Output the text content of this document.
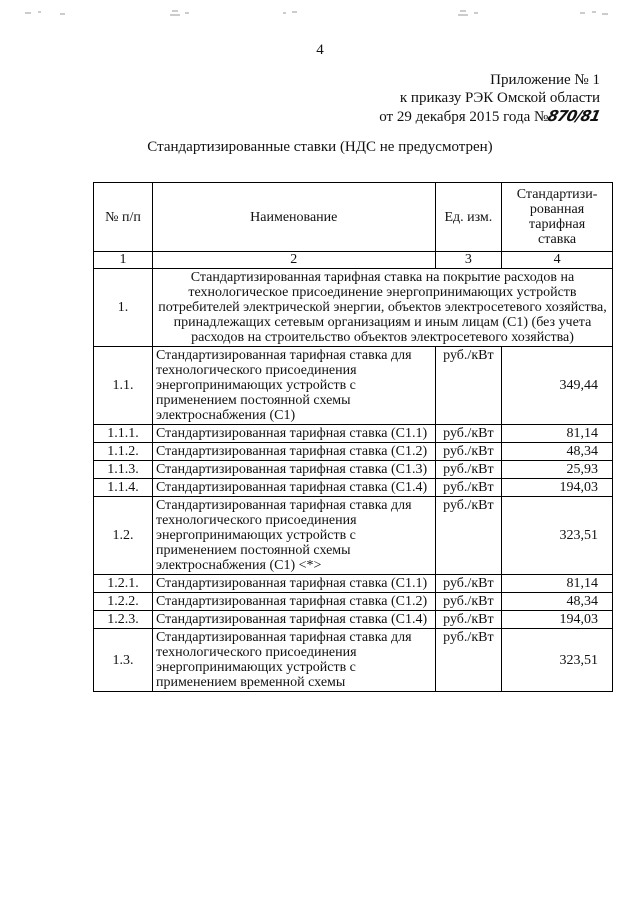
4
Приложение № 1
к приказу РЭК Омской области
от 29 декабря 2015 года №870/81
Стандартизированные ставки (НДС не предусмотрен)
№ п/п	Наименование	Ед. изм.	Стандартизи-
рованная
тарифная
ставка
1	2	3	4
1.	Стандартизированная тарифная ставка на покрытие расходов на технологическое присоединение энергопринимающих устройств потребителей электрической энергии, объектов электросетевого хозяйства, принадлежащих сетевым организациям и иным лицам (С1) (без учета расходов на строительство объектов электросетевого хозяйства)		
1.1.	Стандартизированная тарифная ставка для технологического присоединения энергопринимающих устройств с применением постоянной схемы электроснабжения (С1)	руб./кВт	349,44
1.1.1.	Стандартизированная тарифная ставка (С1.1)	руб./кВт	81,14
1.1.2.	Стандартизированная тарифная ставка (С1.2)	руб./кВт	48,34
1.1.3.	Стандартизированная тарифная ставка (С1.3)	руб./кВт	25,93
1.1.4.	Стандартизированная тарифная ставка (С1.4)	руб./кВт	194,03
1.2.	Стандартизированная тарифная ставка для технологического присоединения энергопринимающих устройств с применением постоянной схемы электроснабжения (С1) <*>	руб./кВт	323,51
1.2.1.	Стандартизированная тарифная ставка (С1.1)	руб./кВт	81,14
1.2.2.	Стандартизированная тарифная ставка (С1.2)	руб./кВт	48,34
1.2.3.	Стандартизированная тарифная ставка (С1.4)	руб./кВт	194,03
1.3.	Стандартизированная тарифная ставка для технологического присоединения энергопринимающих устройств с применением временной схемы	руб./кВт	323,51
